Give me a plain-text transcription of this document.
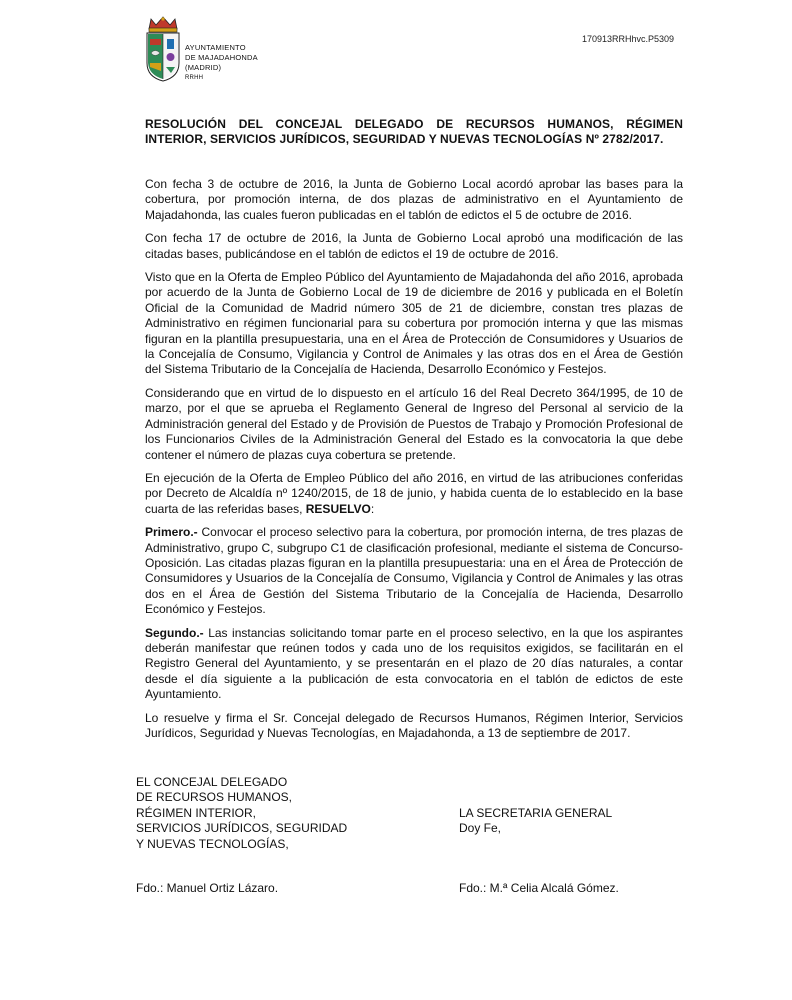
AYUNTAMIENTO
DE MAJADAHONDA
(MADRID)
RRHH
170913RRHhvc.P5309
RESOLUCIÓN DEL CONCEJAL DELEGADO DE RECURSOS HUMANOS, RÉGIMEN INTERIOR, SERVICIOS JURÍDICOS, SEGURIDAD Y NUEVAS TECNOLOGÍAS Nº 2782/2017.

Con fecha 3 de octubre de 2016, la Junta de Gobierno Local acordó aprobar las bases para la cobertura, por promoción interna, de dos plazas de administrativo en el Ayuntamiento de Majadahonda, las cuales fueron publicadas en el tablón de edictos el 5 de octubre de 2016.

Con fecha 17 de octubre de 2016, la Junta de Gobierno Local aprobó una modificación de las citadas bases, publicándose en el tablón de edictos el 19 de octubre de 2016.

Visto que en la Oferta de Empleo Público del Ayuntamiento de Majadahonda del año 2016, aprobada por acuerdo de la Junta de Gobierno Local de 19 de diciembre de 2016 y publicada en el Boletín Oficial de la Comunidad de Madrid número 305 de 21 de diciembre, constan tres plazas de Administrativo en régimen funcionarial para su cobertura por promoción interna y que las mismas figuran en la plantilla presupuestaria, una en el Área de Protección de Consumidores y Usuarios de la Concejalía de Consumo, Vigilancia y Control de Animales y las otras dos en el Área de Gestión del Sistema Tributario de la Concejalía de Hacienda, Desarrollo Económico y Festejos.

Considerando que en virtud de lo dispuesto en el artículo 16 del Real Decreto 364/1995, de 10 de marzo, por el que se aprueba el Reglamento General de Ingreso del Personal al servicio de la Administración general del Estado y de Provisión de Puestos de Trabajo y Promoción Profesional de los Funcionarios Civiles de la Administración General del Estado es la convocatoria la que debe contener el número de plazas cuya cobertura se pretende.

En ejecución de la Oferta de Empleo Público del año 2016, en virtud de las atribuciones conferidas por Decreto de Alcaldía nº 1240/2015, de 18 de junio, y habida cuenta de lo establecido en la base cuarta de las referidas bases, RESUELVO:

Primero.- Convocar el proceso selectivo para la cobertura, por promoción interna, de tres plazas de Administrativo, grupo C, subgrupo C1 de clasificación profesional, mediante el sistema de Concurso-Oposición. Las citadas plazas figuran en la plantilla presupuestaria: una en el Área de Protección de Consumidores y Usuarios de la Concejalía de Consumo, Vigilancia y Control de Animales y las otras dos en el Área de Gestión del Sistema Tributario de la Concejalía de Hacienda, Desarrollo Económico y Festejos.

Segundo.- Las instancias solicitando tomar parte en el proceso selectivo, en la que los aspirantes deberán manifestar que reúnen todos y cada uno de los requisitos exigidos, se facilitarán en el Registro General del Ayuntamiento, y se presentarán en el plazo de 20 días naturales, a contar desde el día siguiente a la publicación de esta convocatoria en el tablón de edictos de este Ayuntamiento.

Lo resuelve y firma el Sr. Concejal delegado de Recursos Humanos, Régimen Interior, Servicios Jurídicos, Seguridad y Nuevas Tecnologías, en Majadahonda, a 13 de septiembre de 2017.

EL CONCEJAL DELEGADO
DE RECURSOS HUMANOS,
RÉGIMEN INTERIOR,
SERVICIOS JURÍDICOS, SEGURIDAD
Y NUEVAS TECNOLOGÍAS,
LA SECRETARIA GENERAL
Doy Fe,
Fdo.: Manuel Ortiz Lázaro.	Fdo.: M.ª Celia Alcalá Gómez.
